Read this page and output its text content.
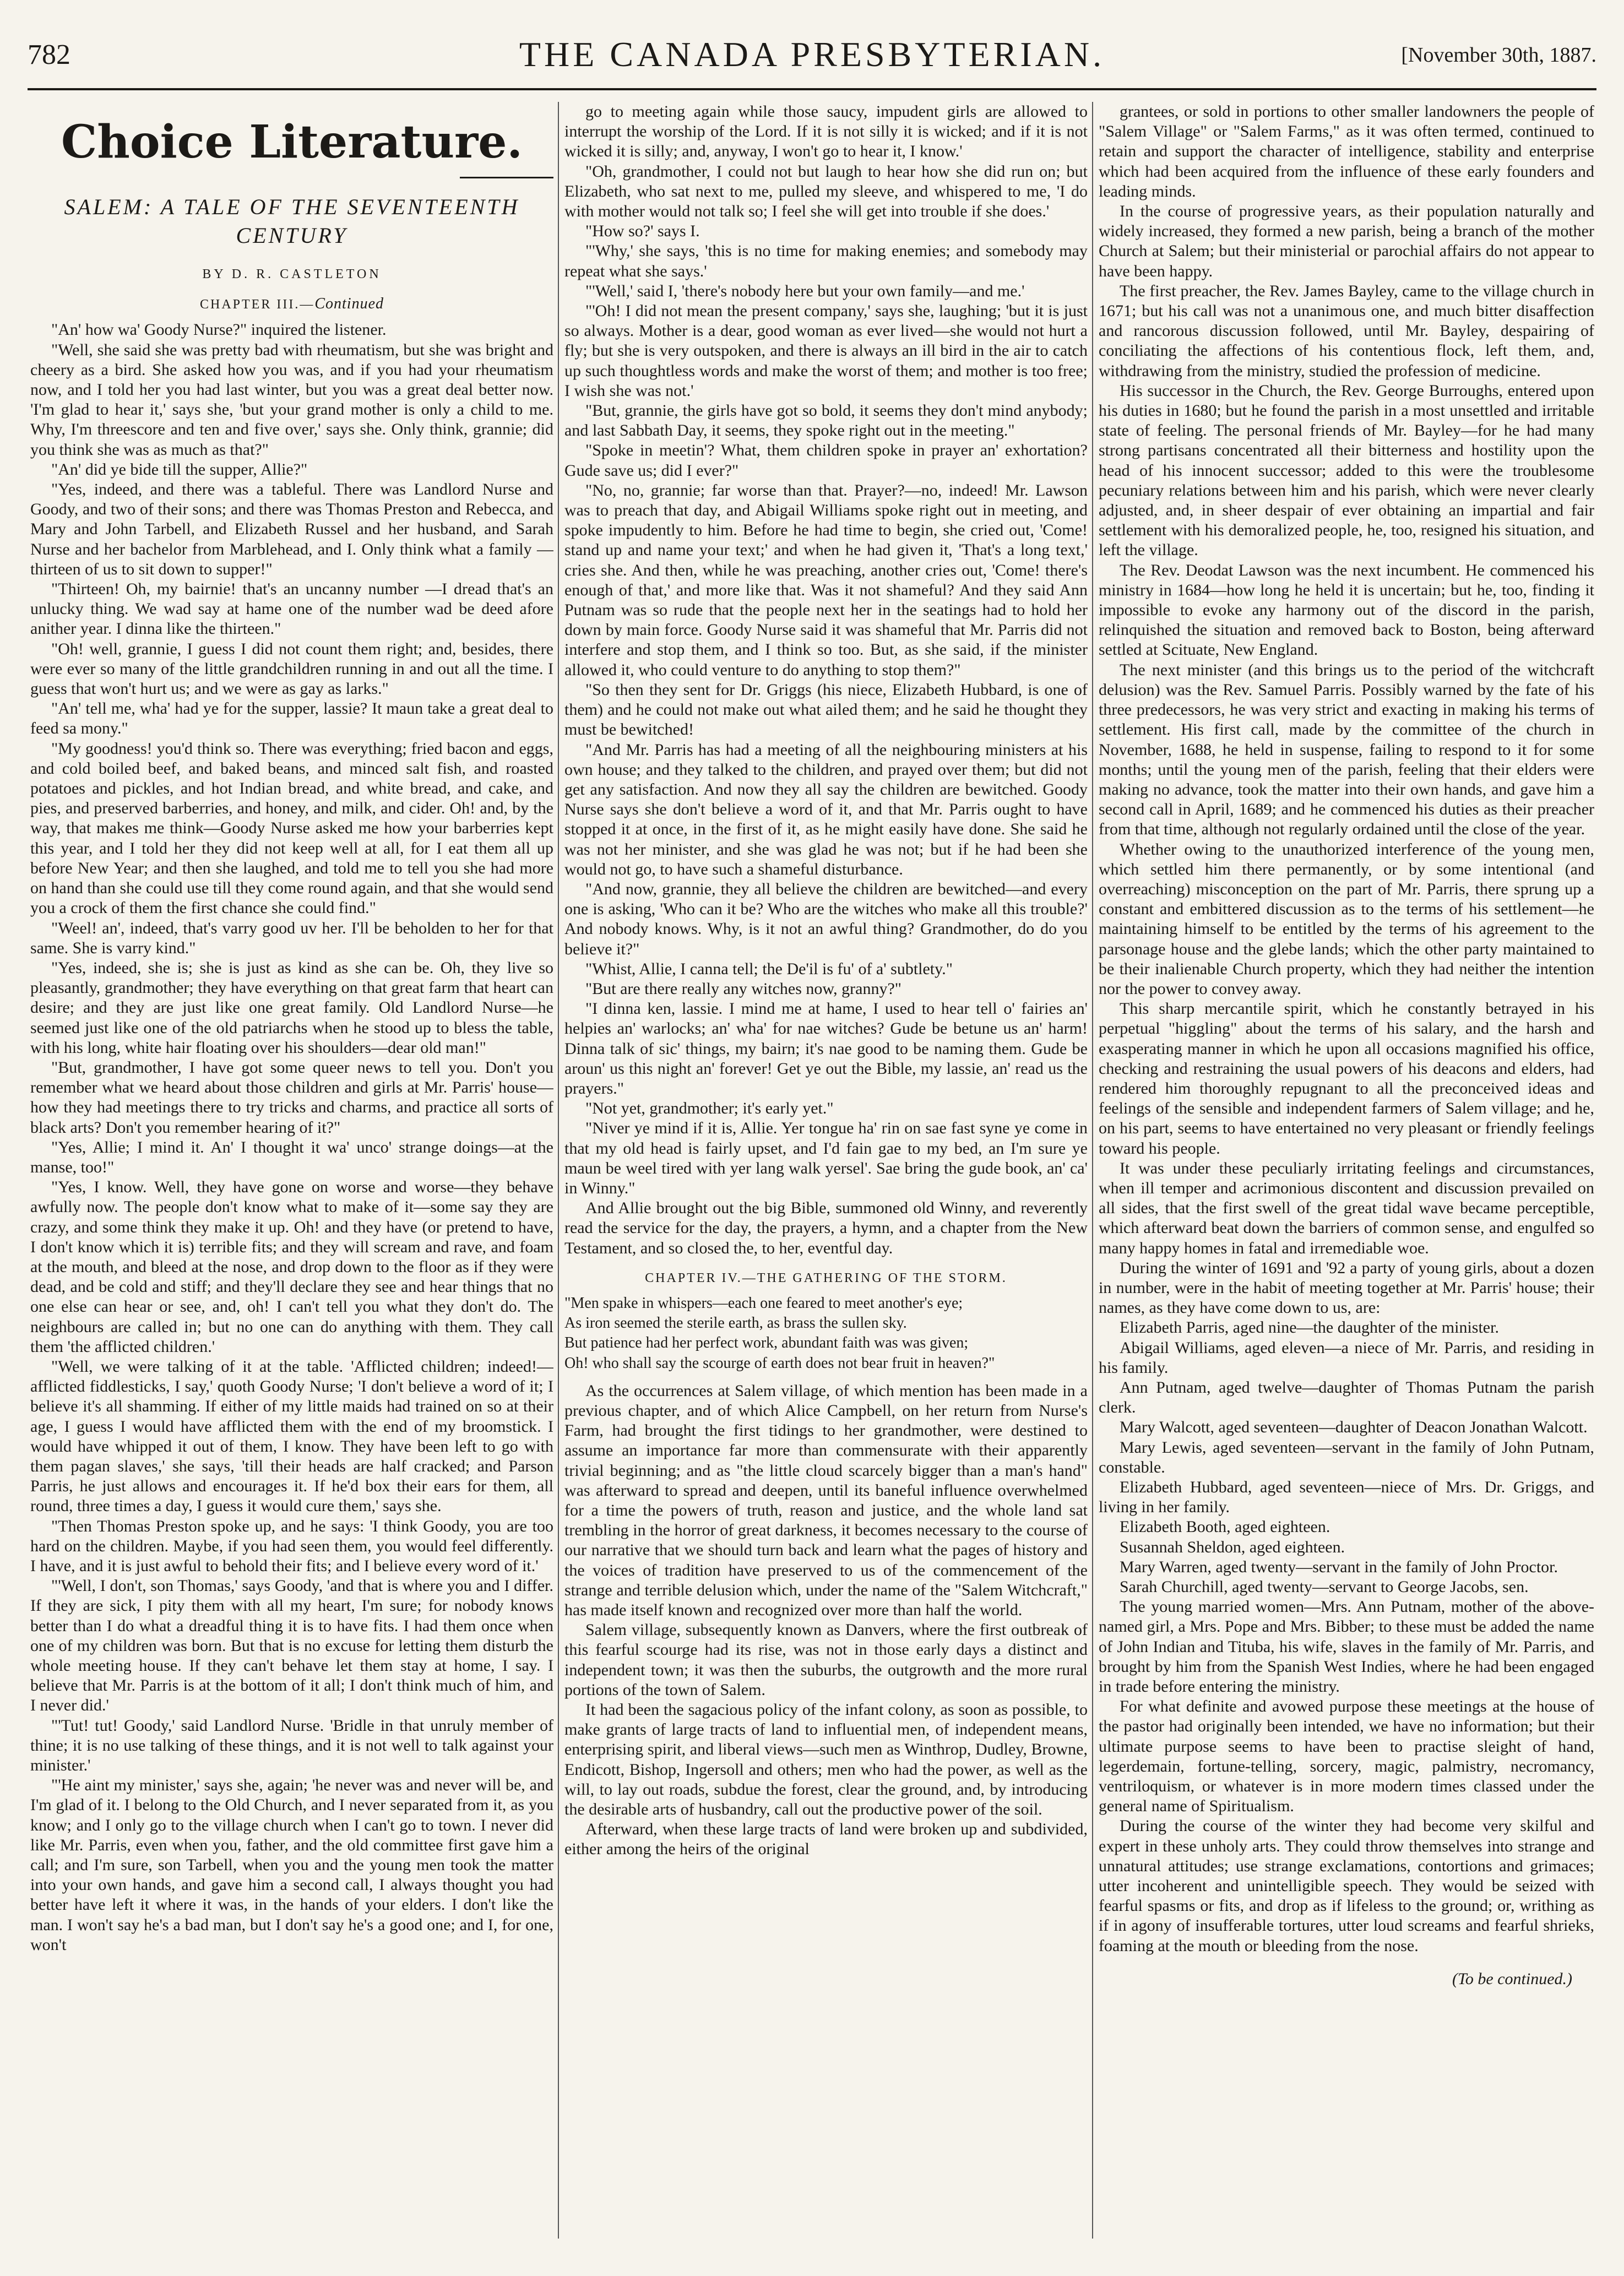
782	THE CANADA PRESBYTERIAN.	[November 30th, 1887.
Choice Literature.
SALEM: A TALE OF THE SEVENTEENTH CENTURY
BY D. R. CASTLETON
CHAPTER III.—Continued

"An' how wa' Goody Nurse?" inquired the listener.

"Well, she said she was pretty bad with rheumatism, but she was bright and cheery as a bird. She asked how you was, and if you had your rheumatism now, and I told her you had last winter, but you was a great deal better now. 'I'm glad to hear it,' says she, 'but your grand mother is only a child to me. Why, I'm threescore and ten and five over,' says she. Only think, grannie; did you think she was as much as that?"

"An' did ye bide till the supper, Allie?"

"Yes, indeed, and there was a tableful. There was Landlord Nurse and Goody, and two of their sons; and there was Thomas Preston and Rebecca, and Mary and John Tarbell, and Elizabeth Russel and her husband, and Sarah Nurse and her bachelor from Marblehead, and I. Only think what a family — thirteen of us to sit down to supper!"

"Thirteen! Oh, my bairnie! that's an uncanny number —I dread that's an unlucky thing. We wad say at hame one of the number wad be deed afore anither year. I dinna like the thirteen."

"Oh! well, grannie, I guess I did not count them right; and, besides, there were ever so many of the little grandchildren running in and out all the time. I guess that won't hurt us; and we were as gay as larks."

"An' tell me, wha' had ye for the supper, lassie? It maun take a great deal to feed sa mony."

"My goodness! you'd think so. There was everything; fried bacon and eggs, and cold boiled beef, and baked beans, and minced salt fish, and roasted potatoes and pickles, and hot Indian bread, and white bread, and cake, and pies, and preserved barberries, and honey, and milk, and cider. Oh! and, by the way, that makes me think—Goody Nurse asked me how your barberries kept this year, and I told her they did not keep well at all, for I eat them all up before New Year; and then she laughed, and told me to tell you she had more on hand than she could use till they come round again, and that she would send you a crock of them the first chance she could find."

"Weel! an', indeed, that's varry good uv her. I'll be beholden to her for that same. She is varry kind."

"Yes, indeed, she is; she is just as kind as she can be. Oh, they live so pleasantly, grandmother; they have everything on that great farm that heart can desire; and they are just like one great family. Old Landlord Nurse—he seemed just like one of the old patriarchs when he stood up to bless the table, with his long, white hair floating over his shoulders—dear old man!"

"But, grandmother, I have got some queer news to tell you. Don't you remember what we heard about those children and girls at Mr. Parris' house—how they had meetings there to try tricks and charms, and practice all sorts of black arts? Don't you remember hearing of it?"

"Yes, Allie; I mind it. An' I thought it wa' unco' strange doings—at the manse, too!"

"Yes, I know. Well, they have gone on worse and worse—they behave awfully now. The people don't know what to make of it—some say they are crazy, and some think they make it up. Oh! and they have (or pretend to have, I don't know which it is) terrible fits; and they will scream and rave, and foam at the mouth, and bleed at the nose, and drop down to the floor as if they were dead, and be cold and stiff; and they'll declare they see and hear things that no one else can hear or see, and, oh! I can't tell you what they don't do. The neighbours are called in; but no one can do anything with them. They call them 'the afflicted children.'

"Well, we were talking of it at the table. 'Afflicted children; indeed!—afflicted fiddlesticks, I say,' quoth Goody Nurse; 'I don't believe a word of it; I believe it's all shamming. If either of my little maids had trained on so at their age, I guess I would have afflicted them with the end of my broomstick. I would have whipped it out of them, I know. They have been left to go with them pagan slaves,' she says, 'till their heads are half cracked; and Parson Parris, he just allows and encourages it. If he'd box their ears for them, all round, three times a day, I guess it would cure them,' says she.

"Then Thomas Preston spoke up, and he says: 'I think Goody, you are too hard on the children. Maybe, if you had seen them, you would feel differently. I have, and it is just awful to behold their fits; and I believe every word of it.'

"'Well, I don't, son Thomas,' says Goody, 'and that is where you and I differ. If they are sick, I pity them with all my heart, I'm sure; for nobody knows better than I do what a dreadful thing it is to have fits. I had them once when one of my children was born. But that is no excuse for letting them disturb the whole meeting house. If they can't behave let them stay at home, I say. I believe that Mr. Parris is at the bottom of it all; I don't think much of him, and I never did.'

"'Tut! tut! Goody,' said Landlord Nurse. 'Bridle in that unruly member of thine; it is no use talking of these things, and it is not well to talk against your minister.'

"'He aint my minister,' says she, again; 'he never was and never will be, and I'm glad of it. I belong to the Old Church, and I never separated from it, as you know; and I only go to the village church when I can't go to town. I never did like Mr. Parris, even when you, father, and the old committee first gave him a call; and I'm sure, son Tarbell, when you and the young men took the matter into your own hands, and gave him a second call, I always thought you had better have left it where it was, in the hands of your elders. I don't like the man. I won't say he's a bad man, but I don't say he's a good one; and I, for one, won't

go to meeting again while those saucy, impudent girls are allowed to interrupt the worship of the Lord. If it is not silly it is wicked; and if it is not wicked it is silly; and, anyway, I won't go to hear it, I know.'

"Oh, grandmother, I could not but laugh to hear how she did run on; but Elizabeth, who sat next to me, pulled my sleeve, and whispered to me, 'I do with mother would not talk so; I feel she will get into trouble if she does.'

"How so?' says I.

"'Why,' she says, 'this is no time for making enemies; and somebody may repeat what she says.'

"'Well,' said I, 'there's nobody here but your own family—and me.'

"'Oh! I did not mean the present company,' says she, laughing; 'but it is just so always. Mother is a dear, good woman as ever lived—she would not hurt a fly; but she is very outspoken, and there is always an ill bird in the air to catch up such thoughtless words and make the worst of them; and mother is too free; I wish she was not.'

"But, grannie, the girls have got so bold, it seems they don't mind anybody; and last Sabbath Day, it seems, they spoke right out in the meeting."

"Spoke in meetin'? What, them children spoke in prayer an' exhortation? Gude save us; did I ever?"

"No, no, grannie; far worse than that. Prayer?—no, indeed! Mr. Lawson was to preach that day, and Abigail Williams spoke right out in meeting, and spoke impudently to him. Before he had time to begin, she cried out, 'Come! stand up and name your text;' and when he had given it, 'That's a long text,' cries she. And then, while he was preaching, another cries out, 'Come! there's enough of that,' and more like that. Was it not shameful? And they said Ann Putnam was so rude that the people next her in the seatings had to hold her down by main force. Goody Nurse said it was shameful that Mr. Parris did not interfere and stop them, and I think so too. But, as she said, if the minister allowed it, who could venture to do anything to stop them?"

"So then they sent for Dr. Griggs (his niece, Elizabeth Hubbard, is one of them) and he could not make out what ailed them; and he said he thought they must be bewitched!

"And Mr. Parris has had a meeting of all the neighbouring ministers at his own house; and they talked to the children, and prayed over them; but did not get any satisfaction. And now they all say the children are bewitched. Goody Nurse says she don't believe a word of it, and that Mr. Parris ought to have stopped it at once, in the first of it, as he might easily have done. She said he was not her minister, and she was glad he was not; but if he had been she would not go, to have such a shameful disturbance.

"And now, grannie, they all believe the children are bewitched—and every one is asking, 'Who can it be? Who are the witches who make all this trouble?' And nobody knows. Why, is it not an awful thing? Grandmother, do do you believe it?"

"Whist, Allie, I canna tell; the De'il is fu' of a' subtlety."

"But are there really any witches now, granny?"

"I dinna ken, lassie. I mind me at hame, I used to hear tell o' fairies an' helpies an' warlocks; an' wha' for nae witches? Gude be betune us an' harm! Dinna talk of sic' things, my bairn; it's nae good to be naming them. Gude be aroun' us this night an' forever! Get ye out the Bible, my lassie, an' read us the prayers."

"Not yet, grandmother; it's early yet."

"Niver ye mind if it is, Allie. Yer tongue ha' rin on sae fast syne ye come in that my old head is fairly upset, and I'd fain gae to my bed, an I'm sure ye maun be weel tired with yer lang walk yersel'. Sae bring the gude book, an' ca' in Winny."

And Allie brought out the big Bible, summoned old Winny, and reverently read the service for the day, the prayers, a hymn, and a chapter from the New Testament, and so closed the, to her, eventful day.

CHAPTER IV.—THE GATHERING OF THE STORM.
"Men spake in whispers—each one feared to meet another's eye;
As iron seemed the sterile earth, as brass the sullen sky.
But patience had her perfect work, abundant faith was was given;
Oh! who shall say the scourge of earth does not bear fruit in heaven?"

As the occurrences at Salem village, of which mention has been made in a previous chapter, and of which Alice Campbell, on her return from Nurse's Farm, had brought the first tidings to her grandmother, were destined to assume an importance far more than commensurate with their apparently trivial beginning; and as "the little cloud scarcely bigger than a man's hand" was afterward to spread and deepen, until its baneful influence overwhelmed for a time the powers of truth, reason and justice, and the whole land sat trembling in the horror of great darkness, it becomes necessary to the course of our narrative that we should turn back and learn what the pages of history and the voices of tradition have preserved to us of the commencement of the strange and terrible delusion which, under the name of the "Salem Witchcraft," has made itself known and recognized over more than half the world.

Salem village, subsequently known as Danvers, where the first outbreak of this fearful scourge had its rise, was not in those early days a distinct and independent town; it was then the suburbs, the outgrowth and the more rural portions of the town of Salem.

It had been the sagacious policy of the infant colony, as soon as possible, to make grants of large tracts of land to influential men, of independent means, enterprising spirit, and liberal views—such men as Winthrop, Dudley, Browne, Endicott, Bishop, Ingersoll and others; men who had the power, as well as the will, to lay out roads, subdue the forest, clear the ground, and, by introducing the desirable arts of husbandry, call out the productive power of the soil.

Afterward, when these large tracts of land were broken up and subdivided, either among the heirs of the original

grantees, or sold in portions to other smaller landowners the people of "Salem Village" or "Salem Farms," as it was often termed, continued to retain and support the character of intelligence, stability and enterprise which had been acquired from the influence of these early founders and leading minds.

In the course of progressive years, as their population naturally and widely increased, they formed a new parish, being a branch of the mother Church at Salem; but their ministerial or parochial affairs do not appear to have been happy.

The first preacher, the Rev. James Bayley, came to the village church in 1671; but his call was not a unanimous one, and much bitter disaffection and rancorous discussion followed, until Mr. Bayley, despairing of conciliating the affections of his contentious flock, left them, and, withdrawing from the ministry, studied the profession of medicine.

His successor in the Church, the Rev. George Burroughs, entered upon his duties in 1680; but he found the parish in a most unsettled and irritable state of feeling. The personal friends of Mr. Bayley—for he had many strong partisans concentrated all their bitterness and hostility upon the head of his innocent successor; added to this were the troublesome pecuniary relations between him and his parish, which were never clearly adjusted, and, in sheer despair of ever obtaining an impartial and fair settlement with his demoralized people, he, too, resigned his situation, and left the village.

The Rev. Deodat Lawson was the next incumbent. He commenced his ministry in 1684—how long he held it is uncertain; but he, too, finding it impossible to evoke any harmony out of the discord in the parish, relinquished the situation and removed back to Boston, being afterward settled at Scituate, New England.

The next minister (and this brings us to the period of the witchcraft delusion) was the Rev. Samuel Parris. Possibly warned by the fate of his three predecessors, he was very strict and exacting in making his terms of settlement. His first call, made by the committee of the church in November, 1688, he held in suspense, failing to respond to it for some months; until the young men of the parish, feeling that their elders were making no advance, took the matter into their own hands, and gave him a second call in April, 1689; and he commenced his duties as their preacher from that time, although not regularly ordained until the close of the year.

Whether owing to the unauthorized interference of the young men, which settled him there permanently, or by some intentional (and overreaching) misconception on the part of Mr. Parris, there sprung up a constant and embittered discussion as to the terms of his settlement—he maintaining himself to be entitled by the terms of his agreement to the parsonage house and the glebe lands; which the other party maintained to be their inalienable Church property, which they had neither the intention nor the power to convey away.

This sharp mercantile spirit, which he constantly betrayed in his perpetual "higgling" about the terms of his salary, and the harsh and exasperating manner in which he upon all occasions magnified his office, checking and restraining the usual powers of his deacons and elders, had rendered him thoroughly repugnant to all the preconceived ideas and feelings of the sensible and independent farmers of Salem village; and he, on his part, seems to have entertained no very pleasant or friendly feelings toward his people.

It was under these peculiarly irritating feelings and circumstances, when ill temper and acrimonious discontent and discussion prevailed on all sides, that the first swell of the great tidal wave became perceptible, which afterward beat down the barriers of common sense, and engulfed so many happy homes in fatal and irremediable woe.

During the winter of 1691 and '92 a party of young girls, about a dozen in number, were in the habit of meeting together at Mr. Parris' house; their names, as they have come down to us, are:

Elizabeth Parris, aged nine—the daughter of the minister.

Abigail Williams, aged eleven—a niece of Mr. Parris, and residing in his family.

Ann Putnam, aged twelve—daughter of Thomas Putnam the parish clerk.

Mary Walcott, aged seventeen—daughter of Deacon Jonathan Walcott.

Mary Lewis, aged seventeen—servant in the family of John Putnam, constable.

Elizabeth Hubbard, aged seventeen—niece of Mrs. Dr. Griggs, and living in her family.

Elizabeth Booth, aged eighteen.

Susannah Sheldon, aged eighteen.

Mary Warren, aged twenty—servant in the family of John Proctor.

Sarah Churchill, aged twenty—servant to George Jacobs, sen.

The young married women—Mrs. Ann Putnam, mother of the above-named girl, a Mrs. Pope and Mrs. Bibber; to these must be added the name of John Indian and Tituba, his wife, slaves in the family of Mr. Parris, and brought by him from the Spanish West Indies, where he had been engaged in trade before entering the ministry.

For what definite and avowed purpose these meetings at the house of the pastor had originally been intended, we have no information; but their ultimate purpose seems to have been to practise sleight of hand, legerdemain, fortune-telling, sorcery, magic, palmistry, necromancy, ventriloquism, or whatever is in more modern times classed under the general name of Spiritualism.

During the course of the winter they had become very skilful and expert in these unholy arts. They could throw themselves into strange and unnatural attitudes; use strange exclamations, contortions and grimaces; utter incoherent and unintelligible speech. They would be seized with fearful spasms or fits, and drop as if lifeless to the ground; or, writhing as if in agony of insufferable tortures, utter loud screams and fearful shrieks, foaming at the mouth or bleeding from the nose.

(To be continued.)
